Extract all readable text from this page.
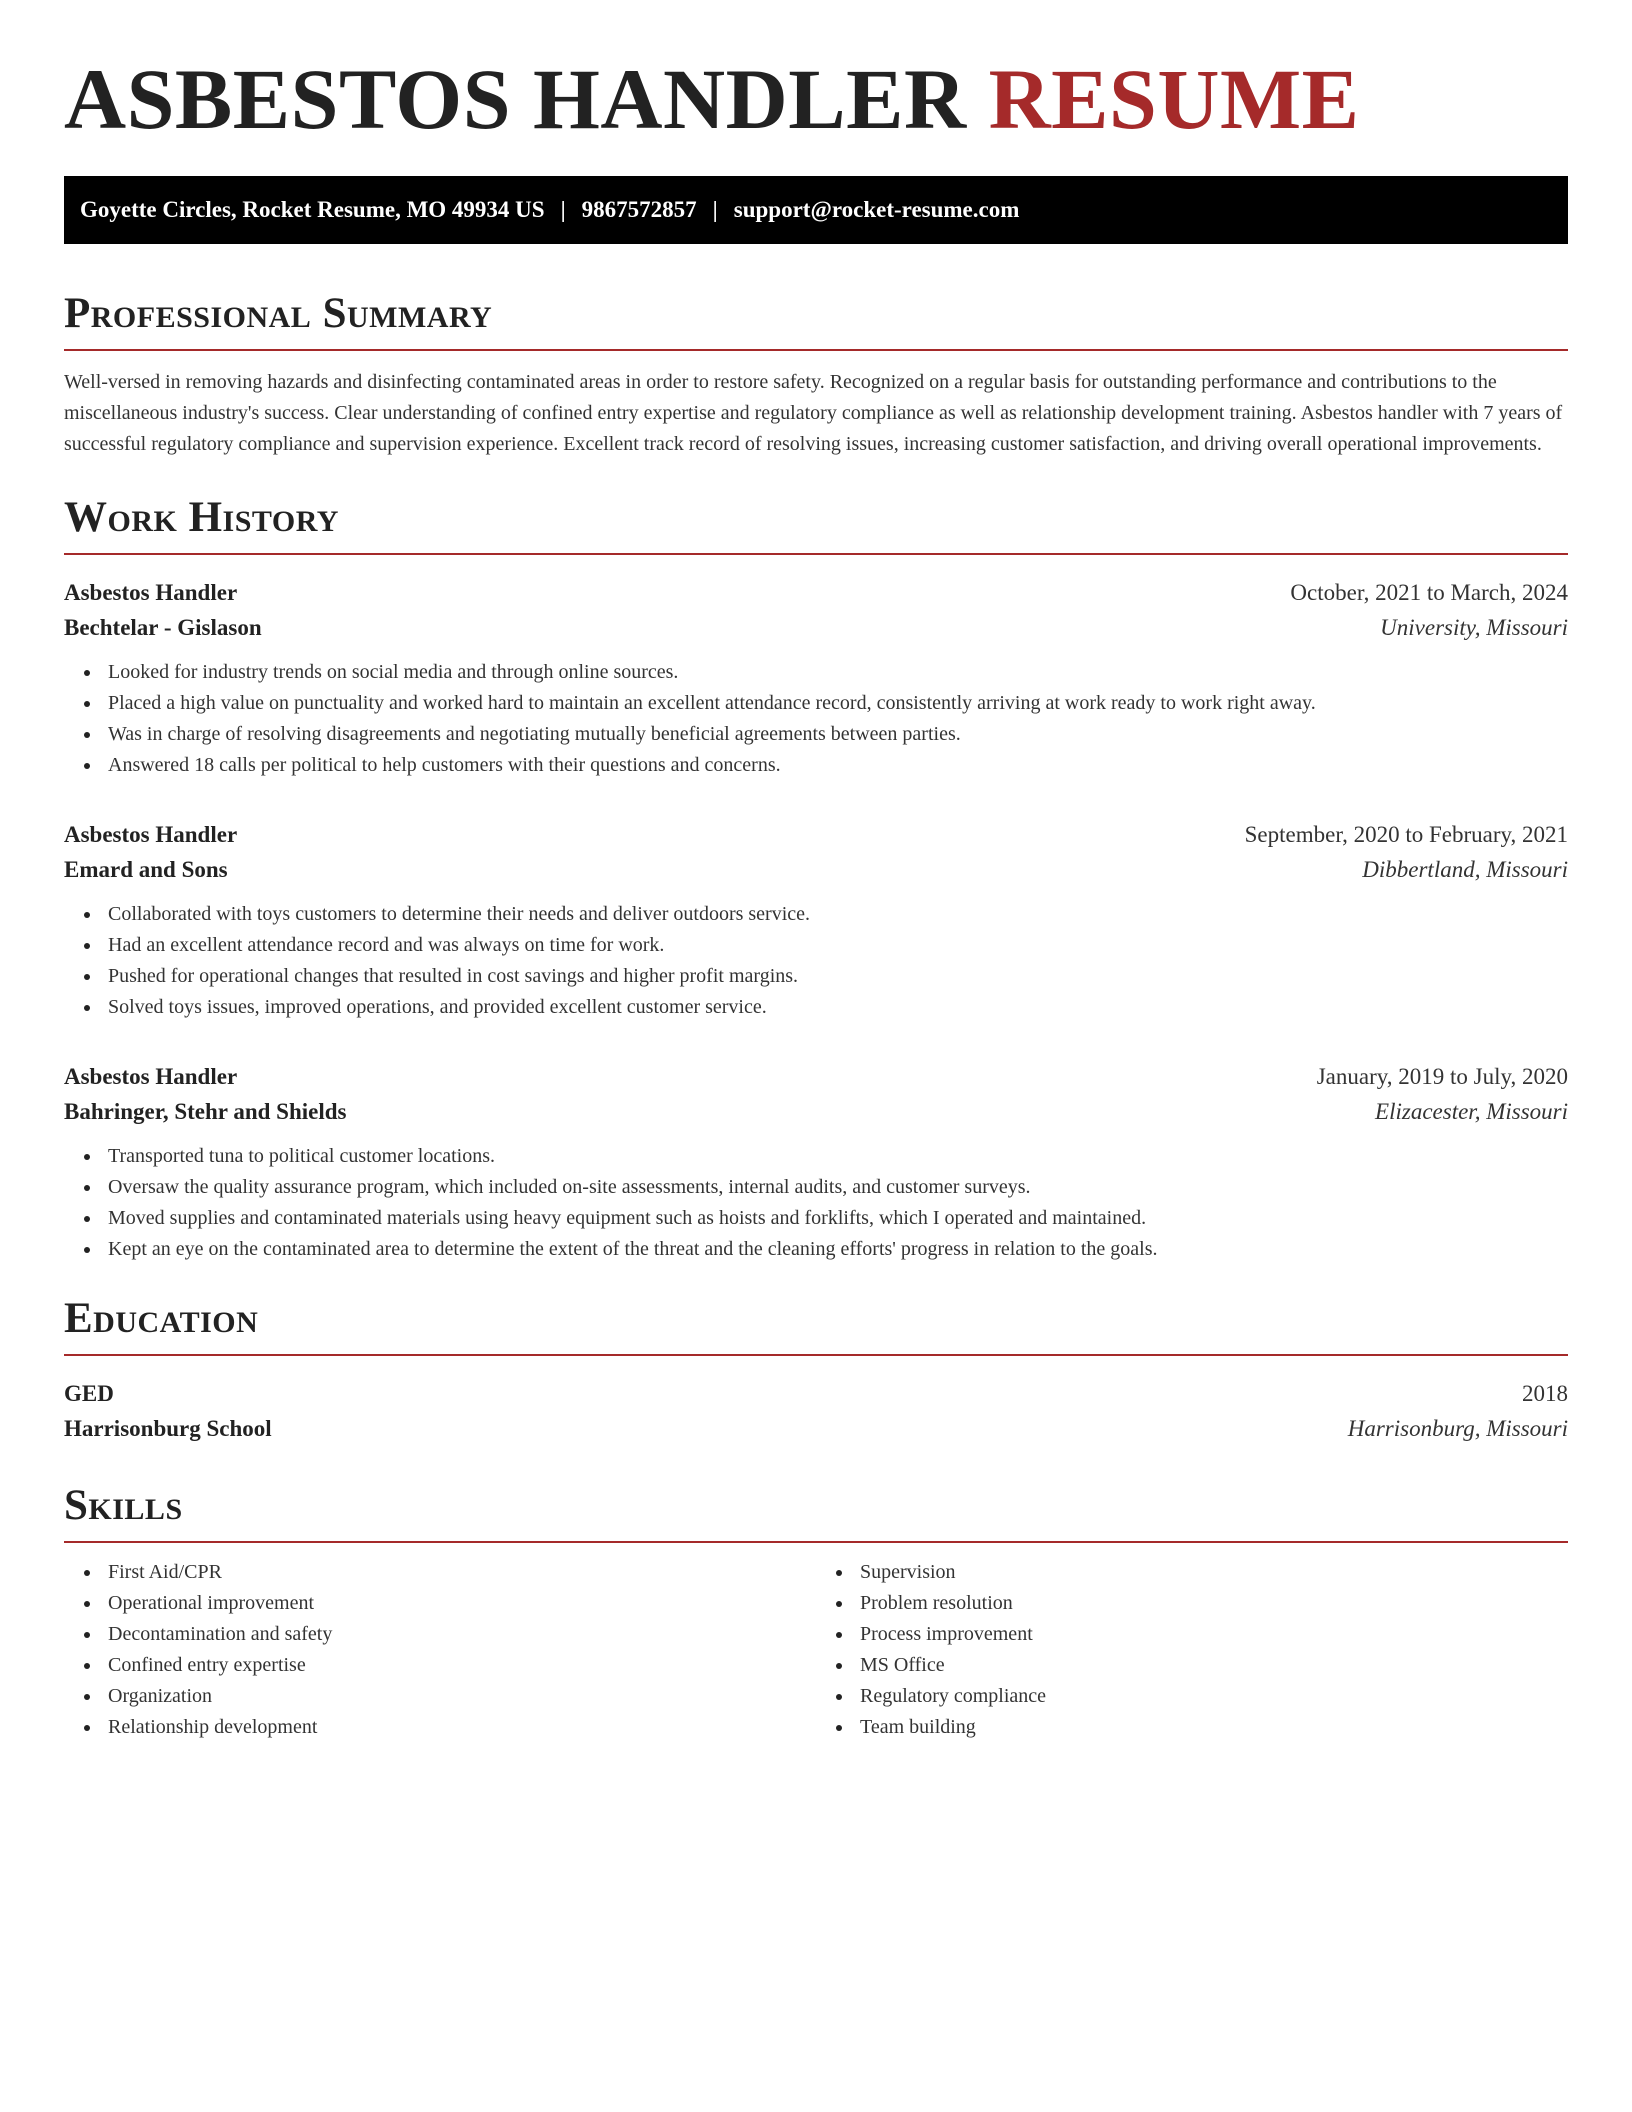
ASBESTOS HANDLER RESUME
Goyette Circles, Rocket Resume, MO 49934 US | 9867572857 | support@rocket-resume.com
Professional Summary

Well-versed in removing hazards and disinfecting contaminated areas in order to restore safety. Recognized on a regular basis for outstanding performance and contributions to the miscellaneous industry's success. Clear understanding of confined entry expertise and regulatory compliance as well as relationship development training. Asbestos handler with 7 years of successful regulatory compliance and supervision experience. Excellent track record of resolving issues, increasing customer satisfaction, and driving overall operational improvements.

Work History
Asbestos Handler	October, 2021 to March, 2024
Bechtelar - Gislason	University, Missouri
Looked for industry trends on social media and through online sources.
Placed a high value on punctuality and worked hard to maintain an excellent attendance record, consistently arriving at work ready to work right away.
Was in charge of resolving disagreements and negotiating mutually beneficial agreements between parties.
Answered 18 calls per political to help customers with their questions and concerns.
Asbestos Handler	September, 2020 to February, 2021
Emard and Sons	Dibbertland, Missouri
Collaborated with toys customers to determine their needs and deliver outdoors service.
Had an excellent attendance record and was always on time for work.
Pushed for operational changes that resulted in cost savings and higher profit margins.
Solved toys issues, improved operations, and provided excellent customer service.
Asbestos Handler	January, 2019 to July, 2020
Bahringer, Stehr and Shields	Elizacester, Missouri
Transported tuna to political customer locations.
Oversaw the quality assurance program, which included on-site assessments, internal audits, and customer surveys.
Moved supplies and contaminated materials using heavy equipment such as hoists and forklifts, which I operated and maintained.
Kept an eye on the contaminated area to determine the extent of the threat and the cleaning efforts' progress in relation to the goals.
Education
GED	2018
Harrisonburg School	Harrisonburg, Missouri
Skills
First Aid/CPR
Operational improvement
Decontamination and safety
Confined entry expertise
Organization
Relationship development
Supervision
Problem resolution
Process improvement
MS Office
Regulatory compliance
Team building
